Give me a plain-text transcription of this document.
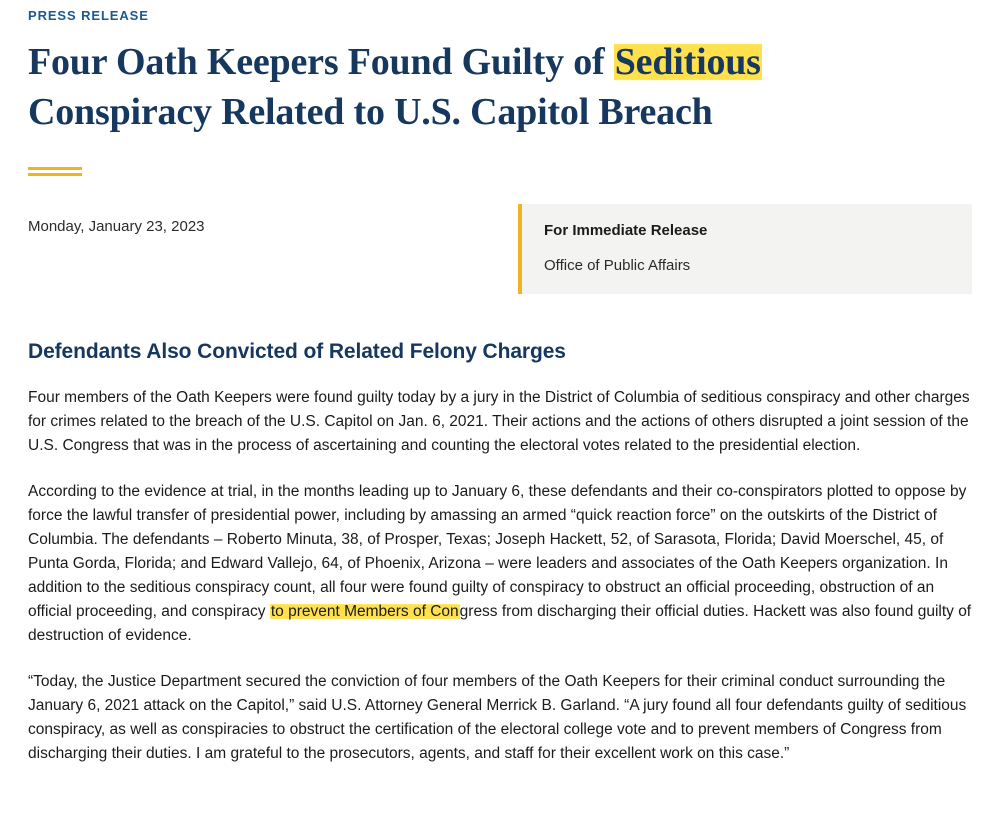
PRESS RELEASE
Four Oath Keepers Found Guilty of Seditious
Conspiracy Related to U.S. Capitol Breach
Monday, January 23, 2023	For Immediate Release
Office of Public Affairs
Defendants Also Convicted of Related Felony Charges

Four members of the Oath Keepers were found guilty today by a jury in the District of Columbia of seditious conspiracy and other charges for crimes related to the breach of the U.S. Capitol on Jan. 6, 2021. Their actions and the actions of others disrupted a joint session of the U.S. Congress that was in the process of ascertaining and counting the electoral votes related to the presidential election.

According to the evidence at trial, in the months leading up to January 6, these defendants and their co-conspirators plotted to oppose by force the lawful transfer of presidential power, including by amassing an armed “quick reaction force” on the outskirts of the District of Columbia. The defendants – Roberto Minuta, 38, of Prosper, Texas; Joseph Hackett, 52, of Sarasota, Florida; David Moerschel, 45, of Punta Gorda, Florida; and Edward Vallejo, 64, of Phoenix, Arizona – were leaders and associates of the Oath Keepers organization. In addition to the seditious conspiracy count, all four were found guilty of conspiracy to obstruct an official proceeding, obstruction of an official proceeding, and conspiracy to prevent Members of Congress from discharging their official duties. Hackett was also found guilty of destruction of evidence.

“Today, the Justice Department secured the conviction of four members of the Oath Keepers for their criminal conduct surrounding the January 6, 2021 attack on the Capitol,” said U.S. Attorney General Merrick B. Garland. “A jury found all four defendants guilty of seditious conspiracy, as well as conspiracies to obstruct the certification of the electoral college vote and to prevent members of Congress from discharging their duties. I am grateful to the prosecutors, agents, and staff for their excellent work on this case.”
